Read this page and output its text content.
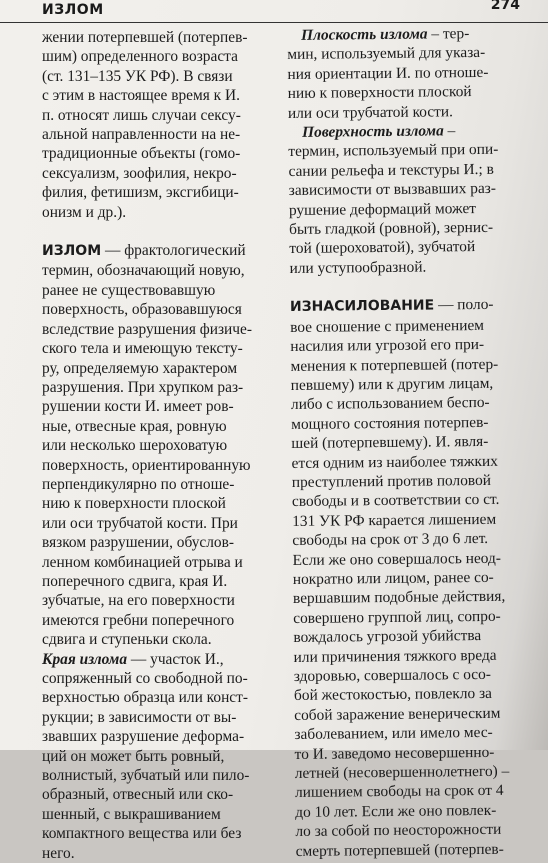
ИЗЛОМ	274
жении потерпевшей (потерпев-
шим) определенного возраста
(ст. 131–135 УК РФ). В связи
с этим в настоящее время к И.
п. относят лишь случаи сексу-
альной направленности на не-
традиционные объекты (гомо-
сексуализм, зоофилия, некро-
филия, фетишизм, эксгибици-
онизм и др.).
ИЗЛОМ — фрактологический
термин, обозначающий новую,
ранее не существовавшую
поверхность, образовавшуюся
вследствие разрушения физиче-
ского тела и имеющую тексту-
ру, определяемую характером
разрушения. При хрупком раз-
рушении кости И. имеет ров-
ные, отвесные края, ровную
или несколько шероховатую
поверхность, ориентированную
перпендикулярно по отноше-
нию к поверхности плоской
или оси трубчатой кости. При
вязком разрушении, обуслов-
ленном комбинацией отрыва и
поперечного сдвига, края И.
зубчатые, на его поверхности
имеются гребни поперечного
сдвига и ступеньки скола.
Края излома — участок И.,
сопряженный со свободной по-
верхностью образца или конст-
рукции; в зависимости от вы-
звавших разрушение деформа-
ций он может быть ровный,
волнистый, зубчатый или пило-
образный, отвесный или ско-
шенный, с выкрашиванием
компактного вещества или без
него.
Плоскость излома – тер-
мин, используемый для указа-
ния ориентации И. по отноше-
нию к поверхности плоской
или оси трубчатой кости.
Поверхность излома –
термин, используемый при опи-
сании рельефа и текстуры И.; в
зависимости от вызвавших раз-
рушение деформаций может
быть гладкой (ровной), зернис-
той (шероховатой), зубчатой
или уступообразной.
ИЗНАСИЛОВАНИЕ — поло-
вое сношение с применением
насилия или угрозой его при-
менения к потерпевшей (потер-
певшему) или к другим лицам,
либо с использованием беспо-
мощного состояния потерпев-
шей (потерпевшему). И. явля-
ется одним из наиболее тяжких
преступлений против половой
свободы и в соответствии со ст.
131 УК РФ карается лишением
свободы на срок от 3 до 6 лет.
Если же оно совершалось неод-
нократно или лицом, ранее со-
вершавшим подобные действия,
совершено группой лиц, сопро-
вождалось угрозой убийства
или причинения тяжкого вреда
здоровью, совершалось с осо-
бой жестокостью, повлекло за
собой заражение венерическим
заболеванием, или имело мес-
то И. заведомо несовершенно-
летней (несовершеннолетнего) –
лишением свободы на срок от 4
до 10 лет. Если же оно повлек-
ло за собой по неосторожности
смерть потерпевшей (потерпев-
